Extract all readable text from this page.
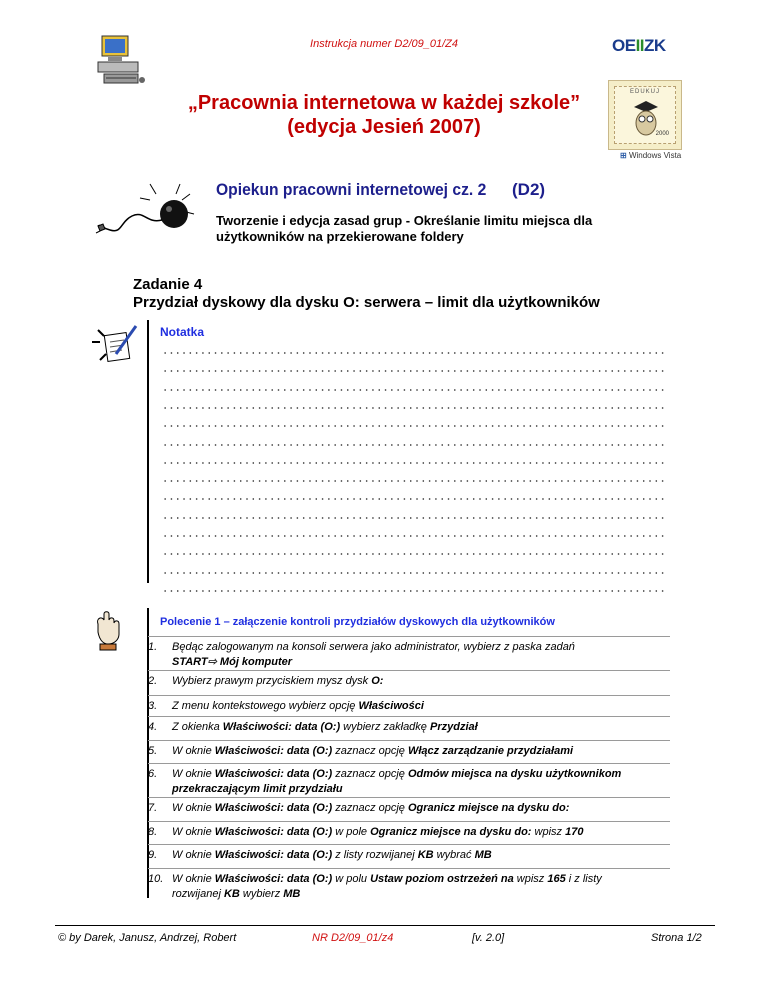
Instrukcja numer D2/09_01/Z4	OEIIZK
EDUKUJ
2000
⊞ Windows Vista
„Pracownia internetowa w każdej szkole”
(edycja Jesień 2007)
Opiekun pracowni internetowej cz. 2 (D2)
Tworzenie i edycja zasad grup - Określanie limitu miejsca dla
użytkowników na przekierowane foldery
Zadanie 4
Przydział dyskowy dla dysku O: serwera – limit dla użytkowników
Notatka
Polecenie 1 – załączenie kontroli przydziałów dyskowych dla użytkowników
1.	Będąc zalogowanym na konsoli serwera jako administrator, wybierz z paska zadań
START⇨ Mój komputer
2.	Wybierz prawym przyciskiem mysz dysk O:
3.	Z menu kontekstowego wybierz opcję Właściwości
4.	Z okienka Właściwości: data (O:) wybierz zakładkę Przydział
5.	W oknie Właściwości: data (O:) zaznacz opcję Włącz zarządzanie przydziałami
6.	W oknie Właściwości: data (O:) zaznacz opcję Odmów miejsca na dysku użytkownikom
przekraczającym limit przydziału
7.	W oknie Właściwości: data (O:) zaznacz opcję Ogranicz miejsce na dysku do:
8.	W oknie Właściwości: data (O:) w pole Ogranicz miejsce na dysku do: wpisz 170
9.	W oknie Właściwości: data (O:) z listy rozwijanej KB wybrać MB
10. W oknie Właściwości: data (O:) w polu Ustaw poziom ostrzeżeń na wpisz 165 i z listy
rozwijanej KB wybierz MB
© by Darek, Janusz, Andrzej, Robert	NR D2/09_01/z4	[v. 2.0]	Strona 1/2
